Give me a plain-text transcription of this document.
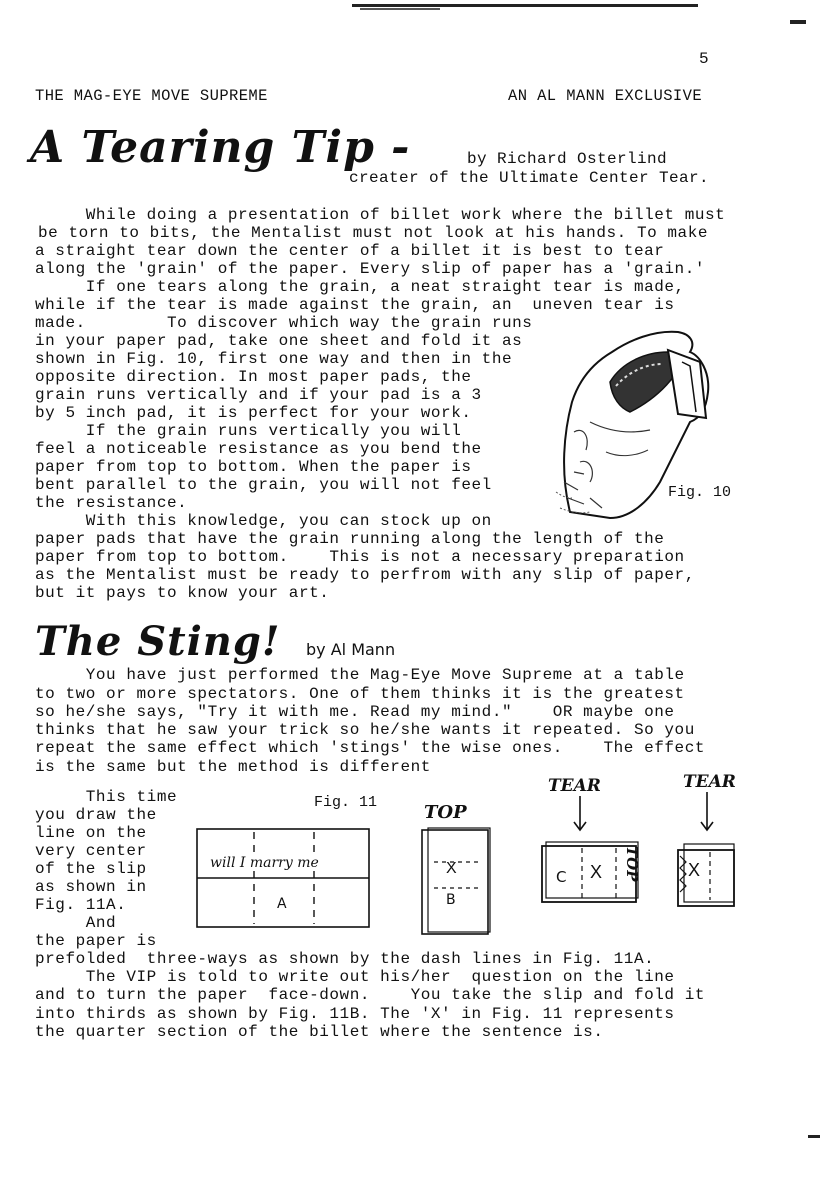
5
THE MAG-EYE MOVE SUPREME	AN AL MANN EXCLUSIVE
A Tearing Tip -	by Richard Osterlind
creater of the Ultimate Center Tear.
While doing a presentation of billet work where the billet must
be torn to bits, the Mentalist must not look at his hands. To make
a straight tear down the center of a billet it is best to tear
along the 'grain' of the paper. Every slip of paper has a 'grain.'
If one tears along the grain, a neat straight tear is made,
while if the tear is made against the grain, an  uneven tear is
made.        To discover which way the grain runs
in your paper pad, take one sheet and fold it as
shown in Fig. 10, first one way and then in the
opposite direction. In most paper pads, the
grain runs vertically and if your pad is a 3
by 5 inch pad, it is perfect for your work.
If the grain runs vertically you will
feel a noticeable resistance as you bend the
paper from top to bottom. When the paper is
bent parallel to the grain, you will not feel
the resistance.
With this knowledge, you can stock up on
paper pads that have the grain running along the length of the
paper from top to bottom.    This is not a necessary preparation
as the Mentalist must be ready to perfrom with any slip of paper,
but it pays to know your art.
Fig. 10
The Sting! by Al Mann
You have just performed the Mag-Eye Move Supreme at a table
to two or more spectators. One of them thinks it is the greatest
so he/she says, "Try it with me. Read my mind."    OR maybe one
thinks that he saw your trick so he/she wants it repeated. So you
repeat the same effect which 'stings' the wise ones.    The effect
is the same but the method is different
This time
you draw the
line on the
very center
of the slip
as shown in
Fig. 11A.
And
the paper is
Fig. 11
will I marry me
A
TOP
X
B
TEAR
C X TOP
TEAR
X
prefolded  three-ways as shown by the dash lines in Fig. 11A.
The VIP is told to write out his/her  question on the line
and to turn the paper  face-down.    You take the slip and fold it
into thirds as shown by Fig. 11B. The 'X' in Fig. 11 represents
the quarter section of the billet where the sentence is.
